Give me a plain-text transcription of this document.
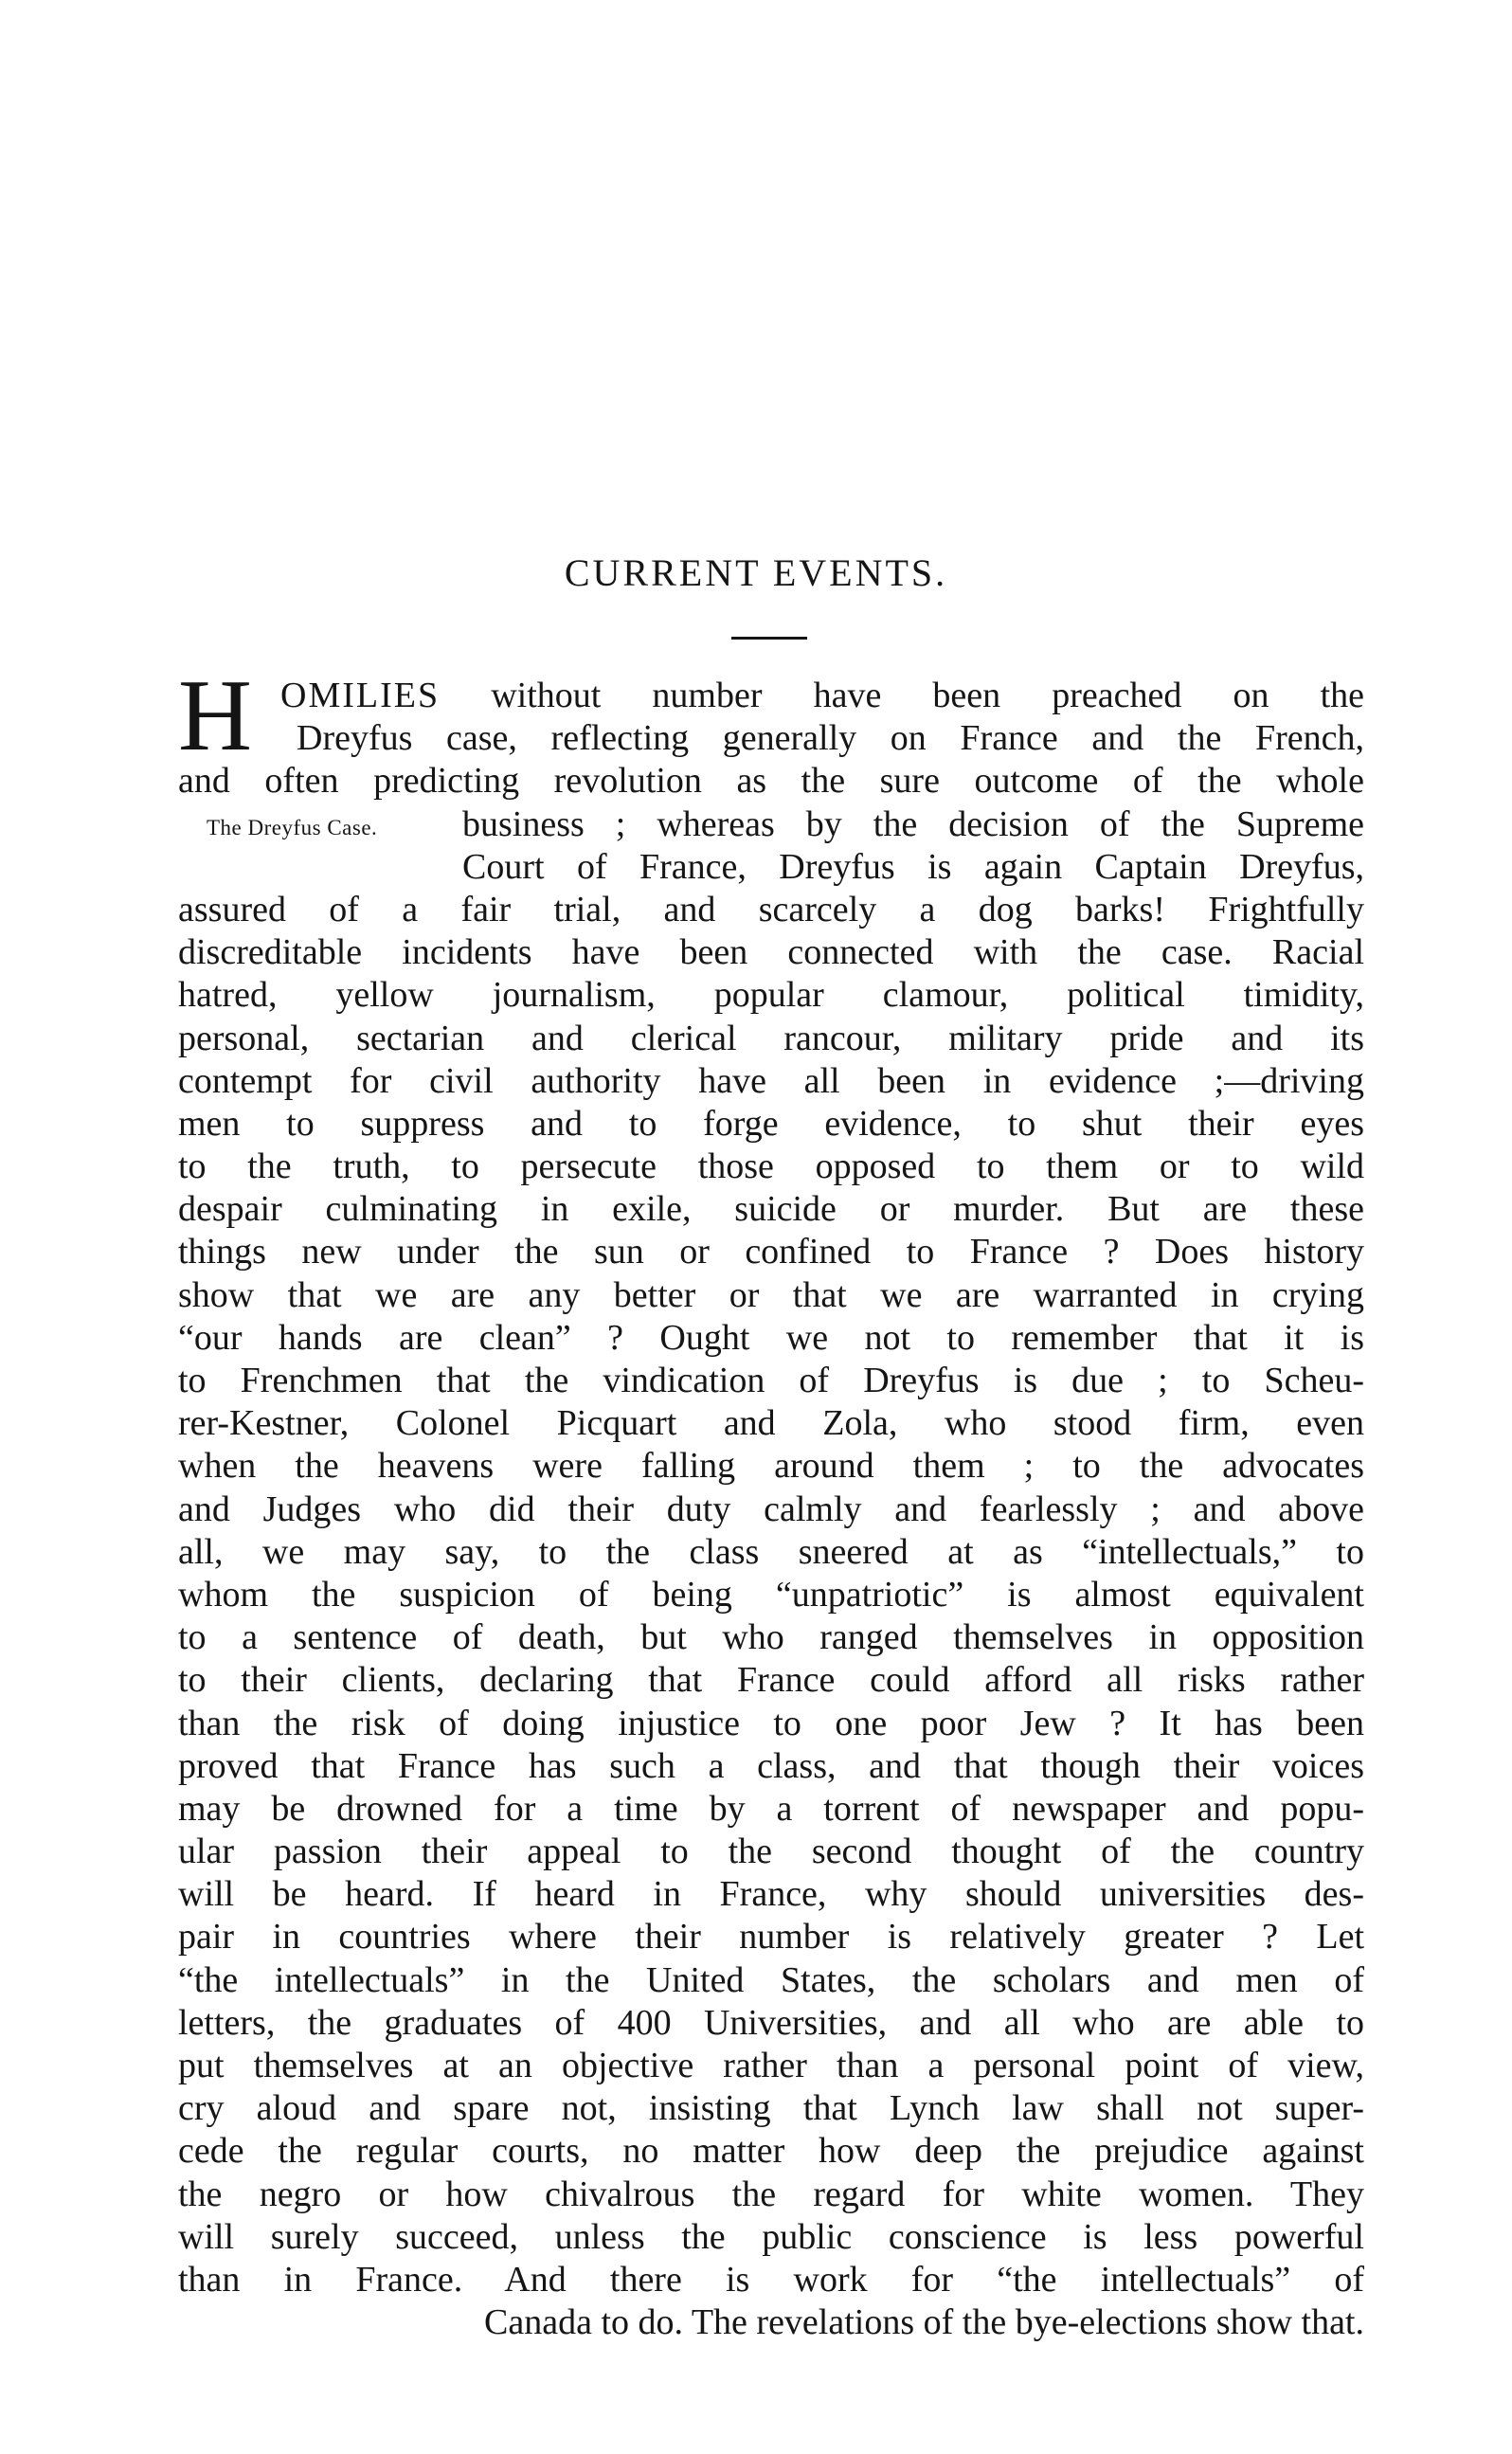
CURRENT EVENTS.
The Dreyfus Case.
OMILIES without number have been preached on the
Dreyfus case, reflecting generally on France and the French,
and often predicting revolution as the sure outcome of the whole
business ; whereas by the decision of the Supreme
Court of France, Dreyfus is again Captain Dreyfus,
assured of a fair trial, and scarcely a dog barks! Frightfully
discreditable incidents have been connected with the case. Racial
hatred, yellow journalism, popular clamour, political timidity,
personal, sectarian and clerical rancour, military pride and its
contempt for civil authority have all been in evidence ;—driving
men to suppress and to forge evidence, to shut their eyes
to the truth, to persecute those opposed to them or to wild
despair culminating in exile, suicide or murder. But are these
things new under the sun or confined to France ? Does history
show that we are any better or that we are warranted in crying
“our hands are clean” ? Ought we not to remember that it is
to Frenchmen that the vindication of Dreyfus is due ; to Scheu-
rer-Kestner, Colonel Picquart and Zola, who stood firm, even
when the heavens were falling around them ; to the advocates
and Judges who did their duty calmly and fearlessly ; and above
all, we may say, to the class sneered at as “intellectuals,” to
whom the suspicion of being “unpatriotic” is almost equivalent
to a sentence of death, but who ranged themselves in opposition
to their clients, declaring that France could afford all risks rather
than the risk of doing injustice to one poor Jew ? It has been
proved that France has such a class, and that though their voices
may be drowned for a time by a torrent of newspaper and popu-
ular passion their appeal to the second thought of the country
will be heard. If heard in France, why should universities des-
pair in countries where their number is relatively greater ? Let
“the intellectuals” in the United States, the scholars and men of
letters, the graduates of 400 Universities, and all who are able to
put themselves at an objective rather than a personal point of view,
cry aloud and spare not, insisting that Lynch law shall not super-
cede the regular courts, no matter how deep the prejudice against
the negro or how chivalrous the regard for white women. They
will surely succeed, unless the public conscience is less powerful
than in France. And there is work for “the intellectuals” of
Canada to do. The revelations of the bye-elections show that.
H
